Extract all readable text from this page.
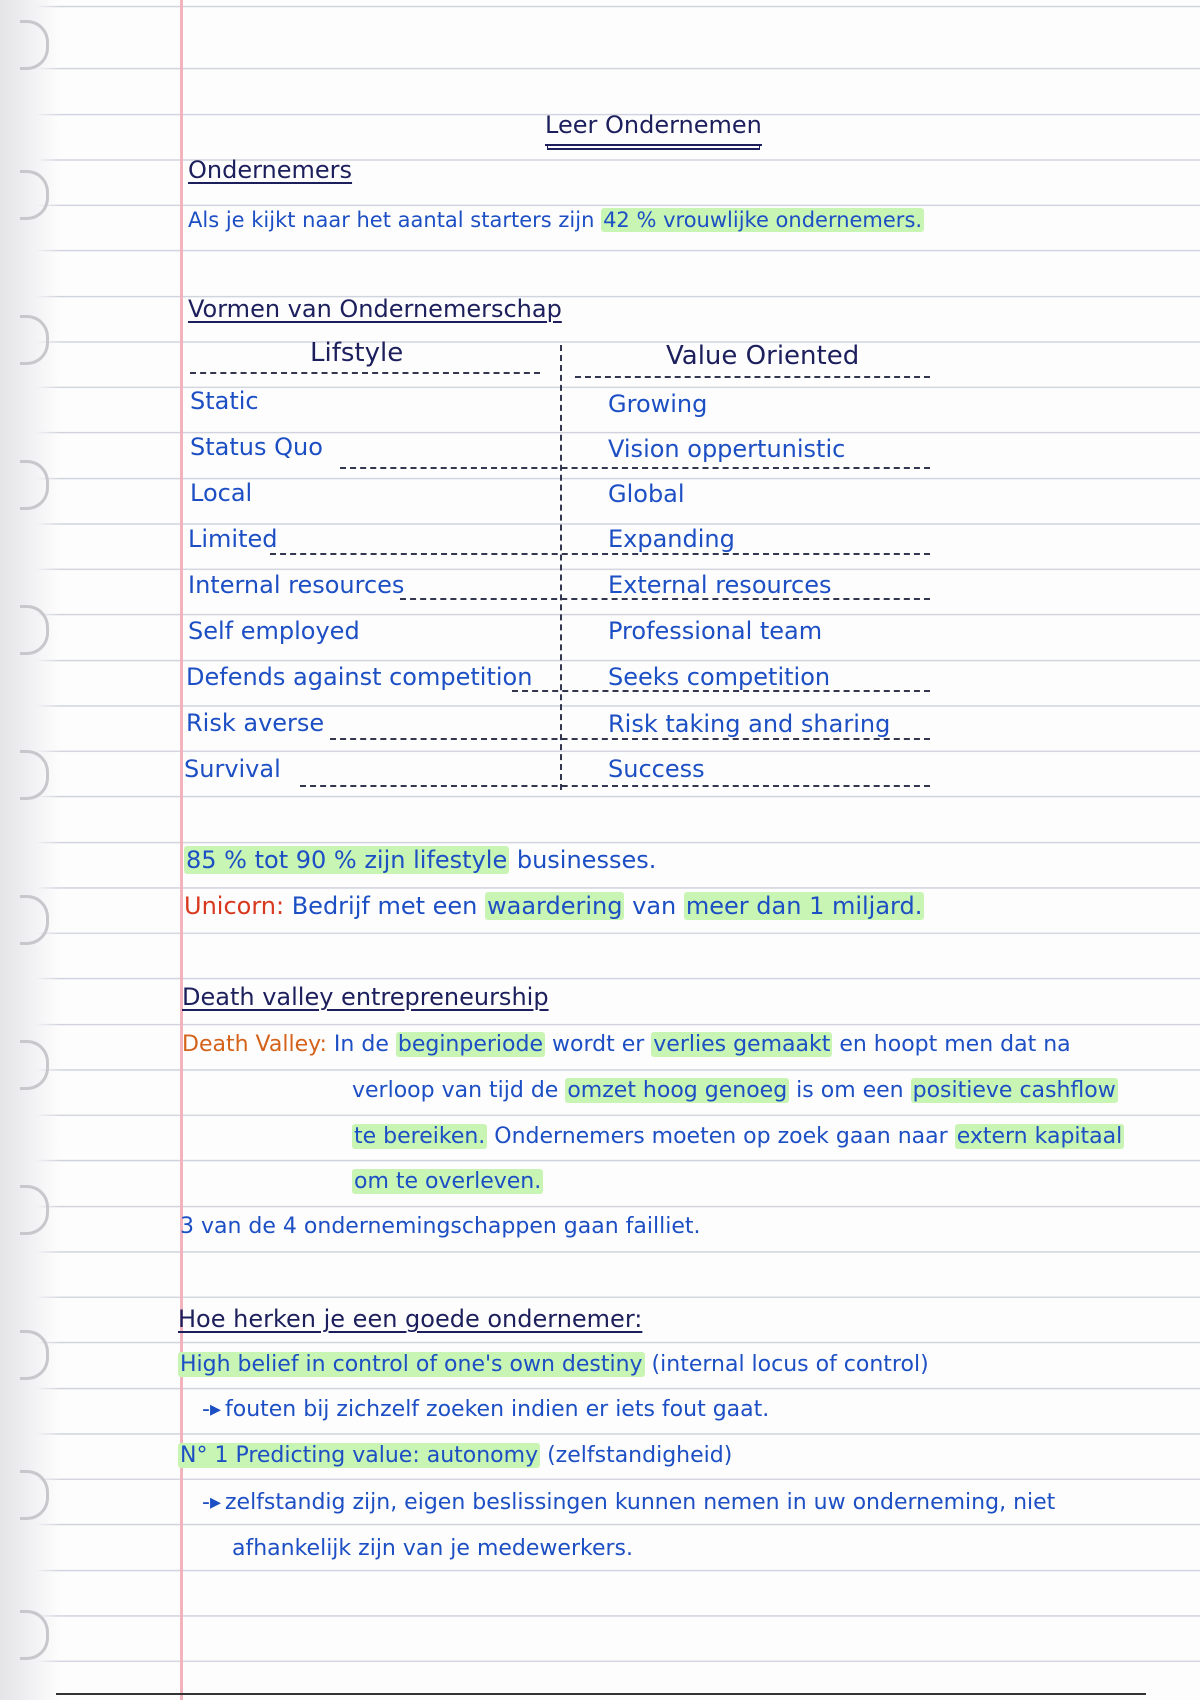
Leer Ondernemen
Ondernemers
Als je kijkt naar het aantal starters zijn 42 % vrouwlijke ondernemers.
Vormen van Ondernemerschap
Lifstyle	Value Oriented
Static	Growing
Status Quo	Vision oppertunistic
Local	Global
Limited	Expanding
Internal resources	External resources
Self employed	Professional team
Defends against competition	Seeks competition
Risk averse	Risk taking and sharing
Survival	Success
85 % tot 90 % zijn lifestyle businesses.
Unicorn: Bedrijf met een waardering van meer dan 1 miljard.
Death valley entrepreneurship
Death Valley: In de beginperiode wordt er verlies gemaakt en hoopt men dat na
verloop van tijd de omzet hoog genoeg is om een positieve cashflow
te bereiken. Ondernemers moeten op zoek gaan naar extern kapitaal
om te overleven.
3 van de 4 ondernemingschappen gaan failliet.
Hoe herken je een goede ondernemer:
High belief in control of one's own destiny (internal locus of control)
-▸ fouten bij zichzelf zoeken indien er iets fout gaat.
N° 1 Predicting value: autonomy (zelfstandigheid)
-▸ zelfstandig zijn, eigen beslissingen kunnen nemen in uw onderneming, niet
afhankelijk zijn van je medewerkers.
